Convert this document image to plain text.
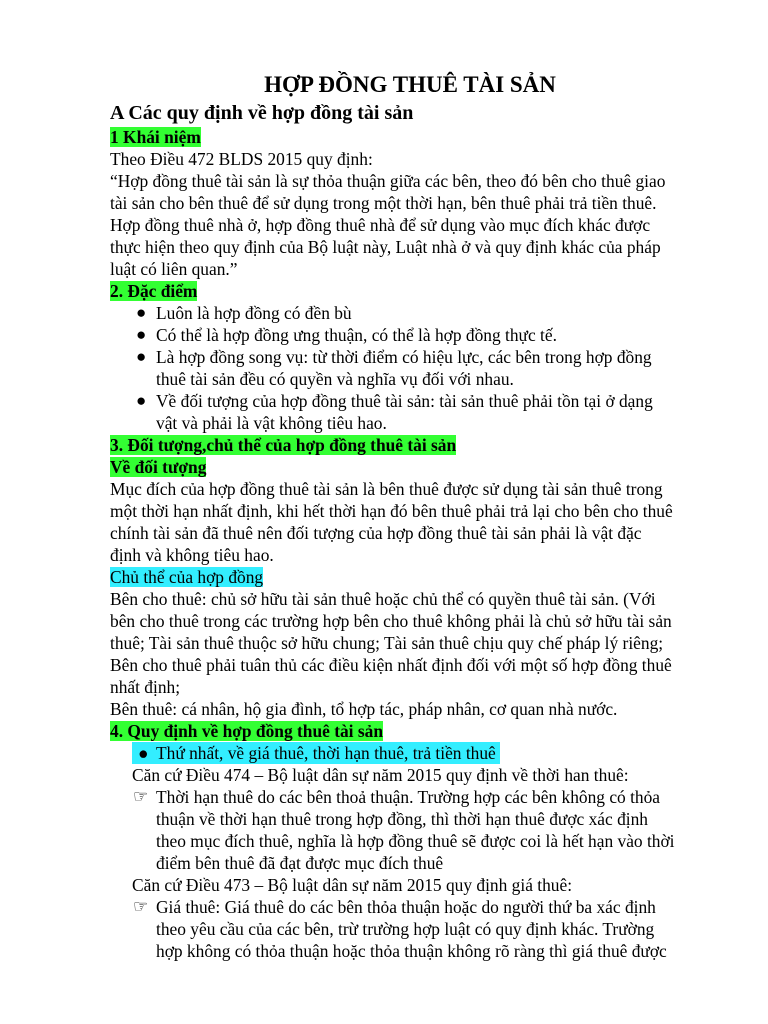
HỢP ĐỒNG THUÊ TÀI SẢN

A Các quy định về hợp đồng tài sản

1 Khái niệm

Theo Điều 472 BLDS 2015 quy định:

“Hợp đồng thuê tài sản là sự thỏa thuận giữa các bên, theo đó bên cho thuê giao

tài sản cho bên thuê để sử dụng trong một thời hạn, bên thuê phải trả tiền thuê.

Hợp đồng thuê nhà ở, hợp đồng thuê nhà để sử dụng vào mục đích khác được

thực hiện theo quy định của Bộ luật này, Luật nhà ở và quy định khác của pháp

luật có liên quan.”

2. Đặc điểm

● Luôn là hợp đồng có đền bù

● Có thể là hợp đồng ưng thuận, có thể là hợp đồng thực tế.

● Là hợp đồng song vụ: từ thời điểm có hiệu lực, các bên trong hợp đồng

thuê tài sản đều có quyền và nghĩa vụ đối với nhau.

● Về đối tượng của hợp đồng thuê tài sản: tài sản thuê phải tồn tại ở dạng

vật và phải là vật không tiêu hao.

3. Đối tượng,chủ thể của hợp đồng thuê tài sản

Về đối tượng

Mục đích của hợp đồng thuê tài sản là bên thuê được sử dụng tài sản thuê trong

một thời hạn nhất định, khi hết thời hạn đó bên thuê phải trả lại cho bên cho thuê

chính tài sản đã thuê nên đối tượng của hợp đồng thuê tài sản phải là vật đặc

định và không tiêu hao.

Chủ thể của hợp đồng

Bên cho thuê: chủ sở hữu tài sản thuê hoặc chủ thể có quyền thuê tài sản. (Với

bên cho thuê trong các trường hợp bên cho thuê không phải là chủ sở hữu tài sản

thuê; Tài sản thuê thuộc sở hữu chung; Tài sản thuê chịu quy chế pháp lý riêng;

Bên cho thuê phải tuân thủ các điều kiện nhất định đối với một số hợp đồng thuê

nhất định;

Bên thuê: cá nhân, hộ gia đình, tổ hợp tác, pháp nhân, cơ quan nhà nước.

4. Quy định về hợp đồng thuê tài sản

● Thứ nhất, về giá thuê, thời hạn thuê, trả tiền thuê

Căn cứ Điều 474 – Bộ luật dân sự năm 2015 quy định về thời han thuê:

☞ Thời hạn thuê do các bên thoả thuận. Trường hợp các bên không có thỏa

thuận về thời hạn thuê trong hợp đồng, thì thời hạn thuê được xác định

theo mục đích thuê, nghĩa là hợp đồng thuê sẽ được coi là hết hạn vào thời

điểm bên thuê đã đạt được mục đích thuê

Căn cứ Điều 473 – Bộ luật dân sự năm 2015 quy định giá thuê:

☞ Giá thuê: Giá thuê do các bên thỏa thuận hoặc do người thứ ba xác định

theo yêu cầu của các bên, trừ trường hợp luật có quy định khác. Trường

hợp không có thỏa thuận hoặc thỏa thuận không rõ ràng thì giá thuê được
